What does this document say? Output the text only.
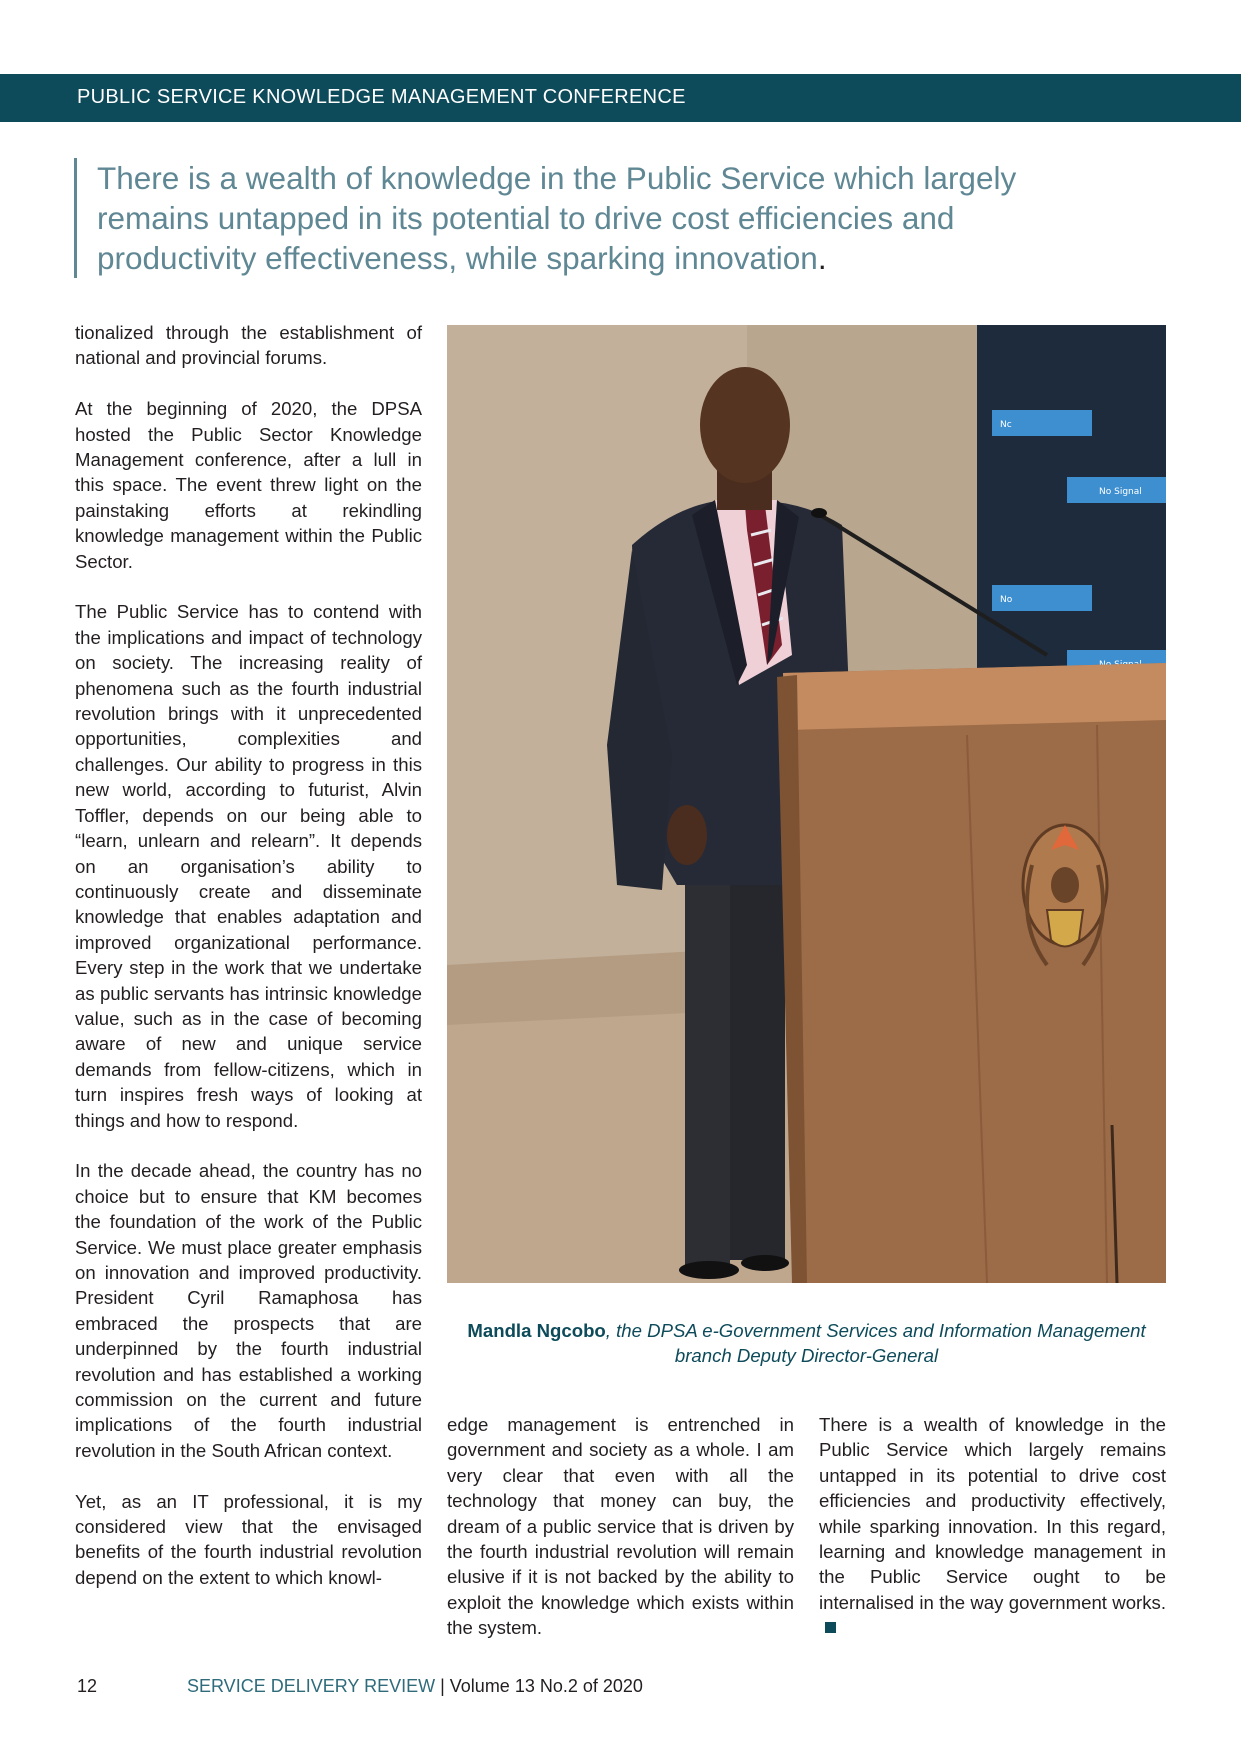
PUBLIC SERVICE KNOWLEDGE MANAGEMENT CONFERENCE
There is a wealth of knowledge in the Public Service which largely remains untapped in its potential to drive cost efficiencies and productivity effectiveness, while sparking innovation.

tionalized through the establishment of national and provincial forums.

At the beginning of 2020, the DPSA hosted the Public Sector Knowledge Management conference, after a lull in this space. The event threw light on the painstaking efforts at rekindling knowledge management within the Public Sector.

The Public Service has to contend with the implications and impact of technology on society. The increasing reality of phenomena such as the fourth industrial revolution brings with it unprecedented opportunities, complexities and challenges. Our ability to progress in this new world, according to futurist, Alvin Toffler, depends on our being able to “learn, unlearn and relearn”. It depends on an organisation’s ability to continuously create and disseminate knowledge that enables adaptation and improved organizational performance. Every step in the work that we undertake as public servants has intrinsic knowledge value, such as in the case of becoming aware of new and unique service demands from fellow-citizens, which in turn inspires fresh ways of looking at things and how to respond.

In the decade ahead, the country has no choice but to ensure that KM becomes the foundation of the work of the Public Service. We must place greater emphasis on innovation and improved productivity. President Cyril Ramaphosa has embraced the prospects that are underpinned by the fourth industrial revolution and has established a working commission on the current and future implications of the fourth industrial revolution in the South African context.

Yet, as an IT professional, it is my considered view that the envisaged benefits of the fourth industrial revolution depend on the extent to which knowl-

Nc
No Signal
No
Mandla Ngcobo, the DPSA e-Government Services and Information Management branch Deputy Director-General

edge management is entrenched in government and society as a whole. I am very clear that even with all the technology that money can buy, the dream of a public service that is driven by the fourth industrial revolution will remain elusive if it is not backed by the ability to exploit the knowledge which exists within the system.

There is a wealth of knowledge in the Public Service which largely remains untapped in its potential to drive cost efficiencies and productivity effectively, while sparking innovation. In this regard, learning and knowledge management in the Public Service ought to be internalised in the way government works.

12	SERVICE DELIVERY REVIEW | Volume 13 No.2 of 2020
